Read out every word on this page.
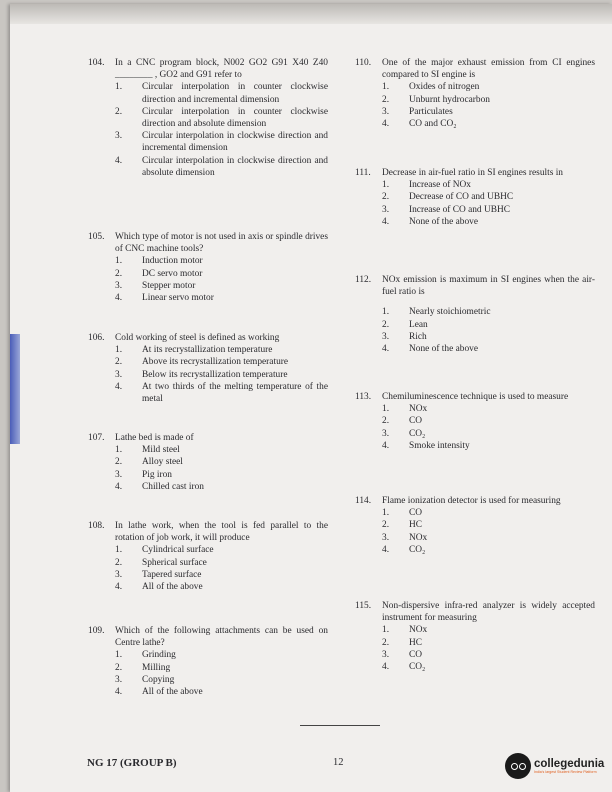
104.	In a CNC program block, N002 GO2 G91 X40 Z40 ________ , GO2 and G91 refer to
1.	Circular interpolation in counter clockwise direction and incremental dimension
2.	Circular interpolation in counter clockwise direction and absolute dimension
3.	Circular interpolation in clockwise direction and incremental dimension
4.	Circular interpolation in clockwise direction and absolute dimension
105.	Which type of motor is not used in axis or spindle drives of CNC machine tools?
1.	Induction motor
2.	DC servo motor
3.	Stepper motor
4.	Linear servo motor
106.	Cold working of steel is defined as working
1.	At its recrystallization temperature
2.	Above its recrystallization temperature
3.	Below its recrystallization temperature
4.	At two thirds of the melting temperature of the metal
107.	Lathe bed is made of
1.	Mild steel
2.	Alloy steel
3.	Pig iron
4.	Chilled cast iron
108.	In lathe work, when the tool is fed parallel to the rotation of job work, it will produce
1.	Cylindrical surface
2.	Spherical surface
3.	Tapered surface
4.	All of the above
109.	Which of the following attachments can be used on Centre lathe?
1.	Grinding
2.	Milling
3.	Copying
4.	All of the above
110.	One of the major exhaust emission from CI engines compared to SI engine is
1.	Oxides of nitrogen
2.	Unburnt hydrocarbon
3.	Particulates
4.	CO and CO₂
111.	Decrease in air-fuel ratio in SI engines results in
1.	Increase of NOx
2.	Decrease of CO and UBHC
3.	Increase of CO and UBHC
4.	None of the above
112.	NOx emission is maximum in SI engines when the air-fuel ratio is
1.	Nearly stoichiometric
2.	Lean
3.	Rich
4.	None of the above
113.	Chemiluminescence technique is used to measure
1.	NOx
2.	CO
3.	CO₂
4.	Smoke intensity
114.	Flame ionization detector is used for measuring
1.	CO
2.	HC
3.	NOx
4.	CO₂
115.	Non-dispersive infra-red analyzer is widely accepted instrument for measuring
1.	NOx
2.	HC
3.	CO
4.	CO₂
NG 17 (GROUP B)	12	collegedunia
India's largest Student Review Platform
